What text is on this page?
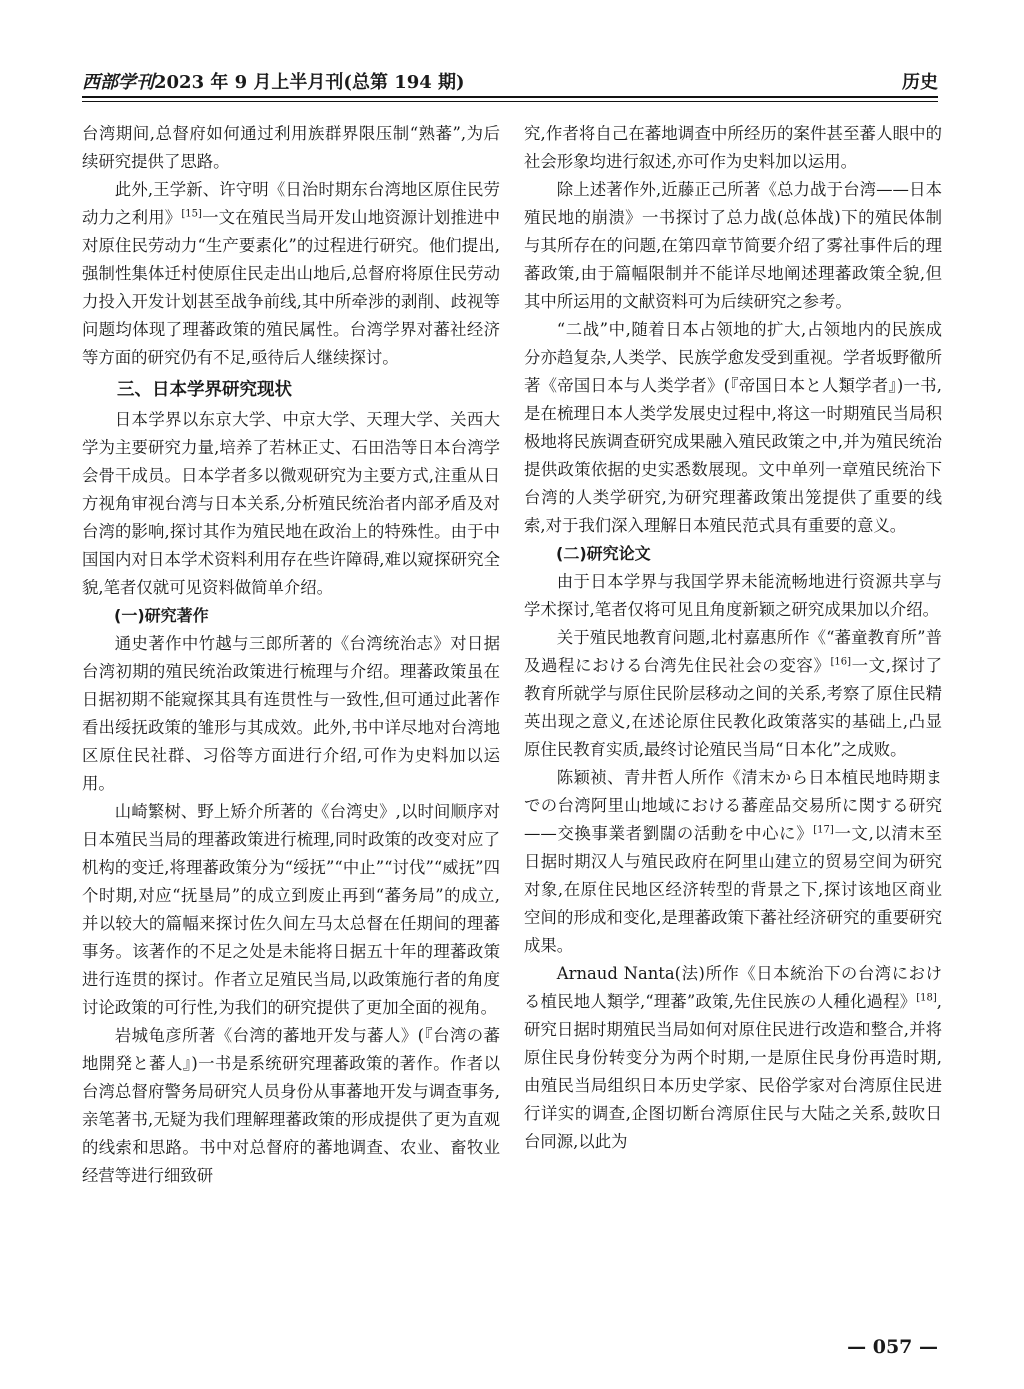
西部学刊2023 年 9 月上半月刊(总第 194 期)	历史

台湾期间,总督府如何通过利用族群界限压制“熟蕃”,为后续研究提供了思路。

此外,王学新、许守明《日治时期东台湾地区原住民劳动力之利用》[15]一文在殖民当局开发山地资源计划推进中对原住民劳动力“生产要素化”的过程进行研究。他们提出,强制性集体迁村使原住民走出山地后,总督府将原住民劳动力投入开发计划甚至战争前线,其中所牵涉的剥削、歧视等问题均体现了理蕃政策的殖民属性。台湾学界对蕃社经济等方面的研究仍有不足,亟待后人继续探讨。

三、日本学界研究现状

日本学界以东京大学、中京大学、天理大学、关西大学为主要研究力量,培养了若林正丈、石田浩等日本台湾学会骨干成员。日本学者多以微观研究为主要方式,注重从日方视角审视台湾与日本关系,分析殖民统治者内部矛盾及对台湾的影响,探讨其作为殖民地在政治上的特殊性。由于中国国内对日本学术资料利用存在些许障碍,难以窥探研究全貌,笔者仅就可见资料做简单介绍。

(一)研究著作

通史著作中竹越与三郎所著的《台湾统治志》对日据台湾初期的殖民统治政策进行梳理与介绍。理蕃政策虽在日据初期不能窥探其具有连贯性与一致性,但可通过此著作看出绥抚政策的雏形与其成效。此外,书中详尽地对台湾地区原住民社群、习俗等方面进行介绍,可作为史料加以运用。

山崎繁树、野上矫介所著的《台湾史》,以时间顺序对日本殖民当局的理蕃政策进行梳理,同时政策的改变对应了机构的变迁,将理蕃政策分为“绥抚”“中止”“讨伐”“威抚”四个时期,对应“抚垦局”的成立到废止再到“蕃务局”的成立,并以较大的篇幅来探讨佐久间左马太总督在任期间的理蕃事务。该著作的不足之处是未能将日据五十年的理蕃政策进行连贯的探讨。作者立足殖民当局,以政策施行者的角度讨论政策的可行性,为我们的研究提供了更加全面的视角。

岩城龟彦所著《台湾的蕃地开发与蕃人》(『台湾の蕃地開発と蕃人』)一书是系统研究理蕃政策的著作。作者以台湾总督府警务局研究人员身份从事蕃地开发与调查事务,亲笔著书,无疑为我们理解理蕃政策的形成提供了更为直观的线索和思路。书中对总督府的蕃地调查、农业、畜牧业经营等进行细致研

究,作者将自己在蕃地调查中所经历的案件甚至蕃人眼中的社会形象均进行叙述,亦可作为史料加以运用。

除上述著作外,近藤正己所著《总力战于台湾——日本殖民地的崩溃》一书探讨了总力战(总体战)下的殖民体制与其所存在的问题,在第四章节简要介绍了雾社事件后的理蕃政策,由于篇幅限制并不能详尽地阐述理蕃政策全貌,但其中所运用的文献资料可为后续研究之参考。

“二战”中,随着日本占领地的扩大,占领地内的民族成分亦趋复杂,人类学、民族学愈发受到重视。学者坂野徹所著《帝国日本与人类学者》(『帝国日本と人類学者』)一书,是在梳理日本人类学发展史过程中,将这一时期殖民当局积极地将民族调查研究成果融入殖民政策之中,并为殖民统治提供政策依据的史实悉数展现。文中单列一章殖民统治下台湾的人类学研究,为研究理蕃政策出笼提供了重要的线索,对于我们深入理解日本殖民范式具有重要的意义。

(二)研究论文

由于日本学界与我国学界未能流畅地进行资源共享与学术探讨,笔者仅将可见且角度新颖之研究成果加以介绍。

关于殖民地教育问题,北村嘉惠所作《“蕃童教育所”普及過程における台湾先住民社会の変容》[16]一文,探讨了教育所就学与原住民阶层移动之间的关系,考察了原住民精英出现之意义,在述论原住民教化政策落实的基础上,凸显原住民教育实质,最终讨论殖民当局“日本化”之成败。

陈颖祯、青井哲人所作《清末から日本植民地時期までの台湾阿里山地域における蕃産品交易所に関する研究——交換事業者劉闊の活動を中心に》[17]一文,以清末至日据时期汉人与殖民政府在阿里山建立的贸易空间为研究对象,在原住民地区经济转型的背景之下,探讨该地区商业空间的形成和变化,是理蕃政策下蕃社经济研究的重要研究成果。

Arnaud Nanta(法)所作《日本統治下の台湾における植民地人類学,“理蕃”政策,先住民族の人種化過程》[18],研究日据时期殖民当局如何对原住民进行改造和整合,并将原住民身份转变分为两个时期,一是原住民身份再造时期,由殖民当局组织日本历史学家、民俗学家对台湾原住民进行详实的调查,企图切断台湾原住民与大陆之关系,鼓吹日台同源,以此为

— 057 —
